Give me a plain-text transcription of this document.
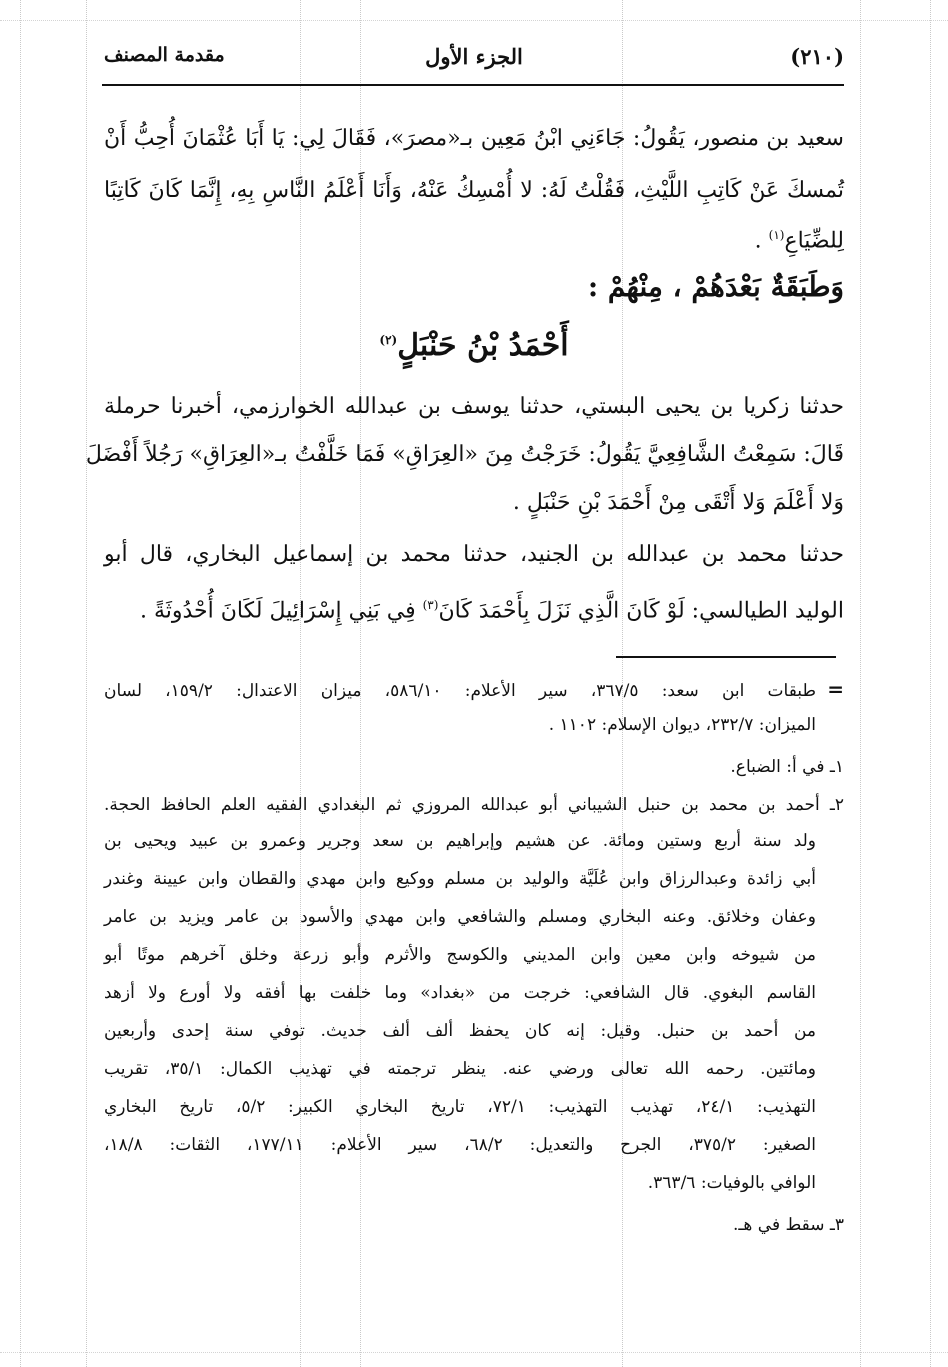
(٢١٠)
الجزء الأول
مقدمة المصنف
سعيد بن منصور، يَقُولُ: جَاءَنِي ابْنُ مَعِين بـ«مصرَ»، فَقَالَ لِي: يَا أَبَا عُثْمَانَ أُحِبُّ أَنْ
تُمسكَ عَنْ كَاتِبِ اللَّيْثِ، فَقُلْتُ لَهُ: لا أُمْسِكُ عَنْهُ، وَأَنَا أَعْلَمُ النَّاسِ بِهِ، إِنَّمَا كَانَ كَاتِبًا
لِلضِّيَاعِ$^{(١)}$ .
وَطَبَقَةٌ بَعْدَهُمْ ، مِنْهُمْ :
أَحْمَدُ بْنُ حَنْبَلٍ$^{(٢)}$
حدثنا زكريا بن يحيى البستي، حدثنا يوسف بن عبدالله الخوارزمي، أخبرنا حرملة
قَالَ: سَمِعْتُ الشَّافِعِيَّ يَقُولُ: خَرَجْتُ مِنَ «العِرَاقِ» فَمَا خَلَّفْتُ بـ«العِرَاقِ» رَجُلاً أَفْضَلَ
وَلا أَعْلَمَ وَلا أَتْقَى مِنْ أَحْمَدَ بْنِ حَنْبَلٍ .
حدثنا محمد بن عبدالله بن الجنيد، حدثنا محمد بن إسماعيل البخاري، قال أبو
الوليد الطيالسي: لَوْ كَانَ الَّذِي نَزَلَ بِأَحْمَدَ كَانَ$^{(٣)}$ فِي بَنِي إِسْرَائِيلَ لَكَانَ أُحْدُوثَةً .
=
طبقات ابن سعد: ٣٦٧/٥، سير الأعلام: ٥٨٦/١٠، ميزان الاعتدال: ١٥٩/٢، لسان
الميزان: ٢٣٢/٧، ديوان الإسلام: ١١٠٢ .
١ـ في أ: الضباع.
٢ـ أحمد بن محمد بن حنبل الشيباني أبو عبدالله المروزي ثم البغدادي الفقيه العلم الحافظ الحجة.
ولد سنة أربع وستين ومائة. عن هشيم وإبراهيم بن سعد وجرير وعمرو بن عبيد ويحيى بن
أبي زائدة وعبدالرزاق وابن عُلَيَّة والوليد بن مسلم ووكيع وابن مهدي والقطان وابن عيينة وغندر
وعفان وخلائق. وعنه البخاري ومسلم والشافعي وابن مهدي والأسود بن عامر ويزيد بن عامر
من شيوخه وابن معين وابن المديني والكوسج والأثرم وأبو زرعة وخلق آخرهم موتًا أبو
القاسم البغوي. قال الشافعي: خرجت من «بغداد» وما خلفت بها أفقه ولا أورع ولا أزهد
من أحمد بن حنبل. وقيل: إنه كان يحفظ ألف ألف حديث. توفي سنة إحدى وأربعين
ومائتين. رحمه الله تعالى ورضي عنه. ينظر ترجمته في تهذيب الكمال: ٣٥/١، تقريب
التهذيب: ٢٤/١، تهذيب التهذيب: ٧٢/١، تاريخ البخاري الكبير: ٥/٢، تاريخ البخاري
الصغير: ٣٧٥/٢، الجرح والتعديل: ٦٨/٢، سير الأعلام: ١٧٧/١١، الثقات: ١٨/٨،
الوافي بالوفيات: ٣٦٣/٦.
٣ـ سقط في هـ.
